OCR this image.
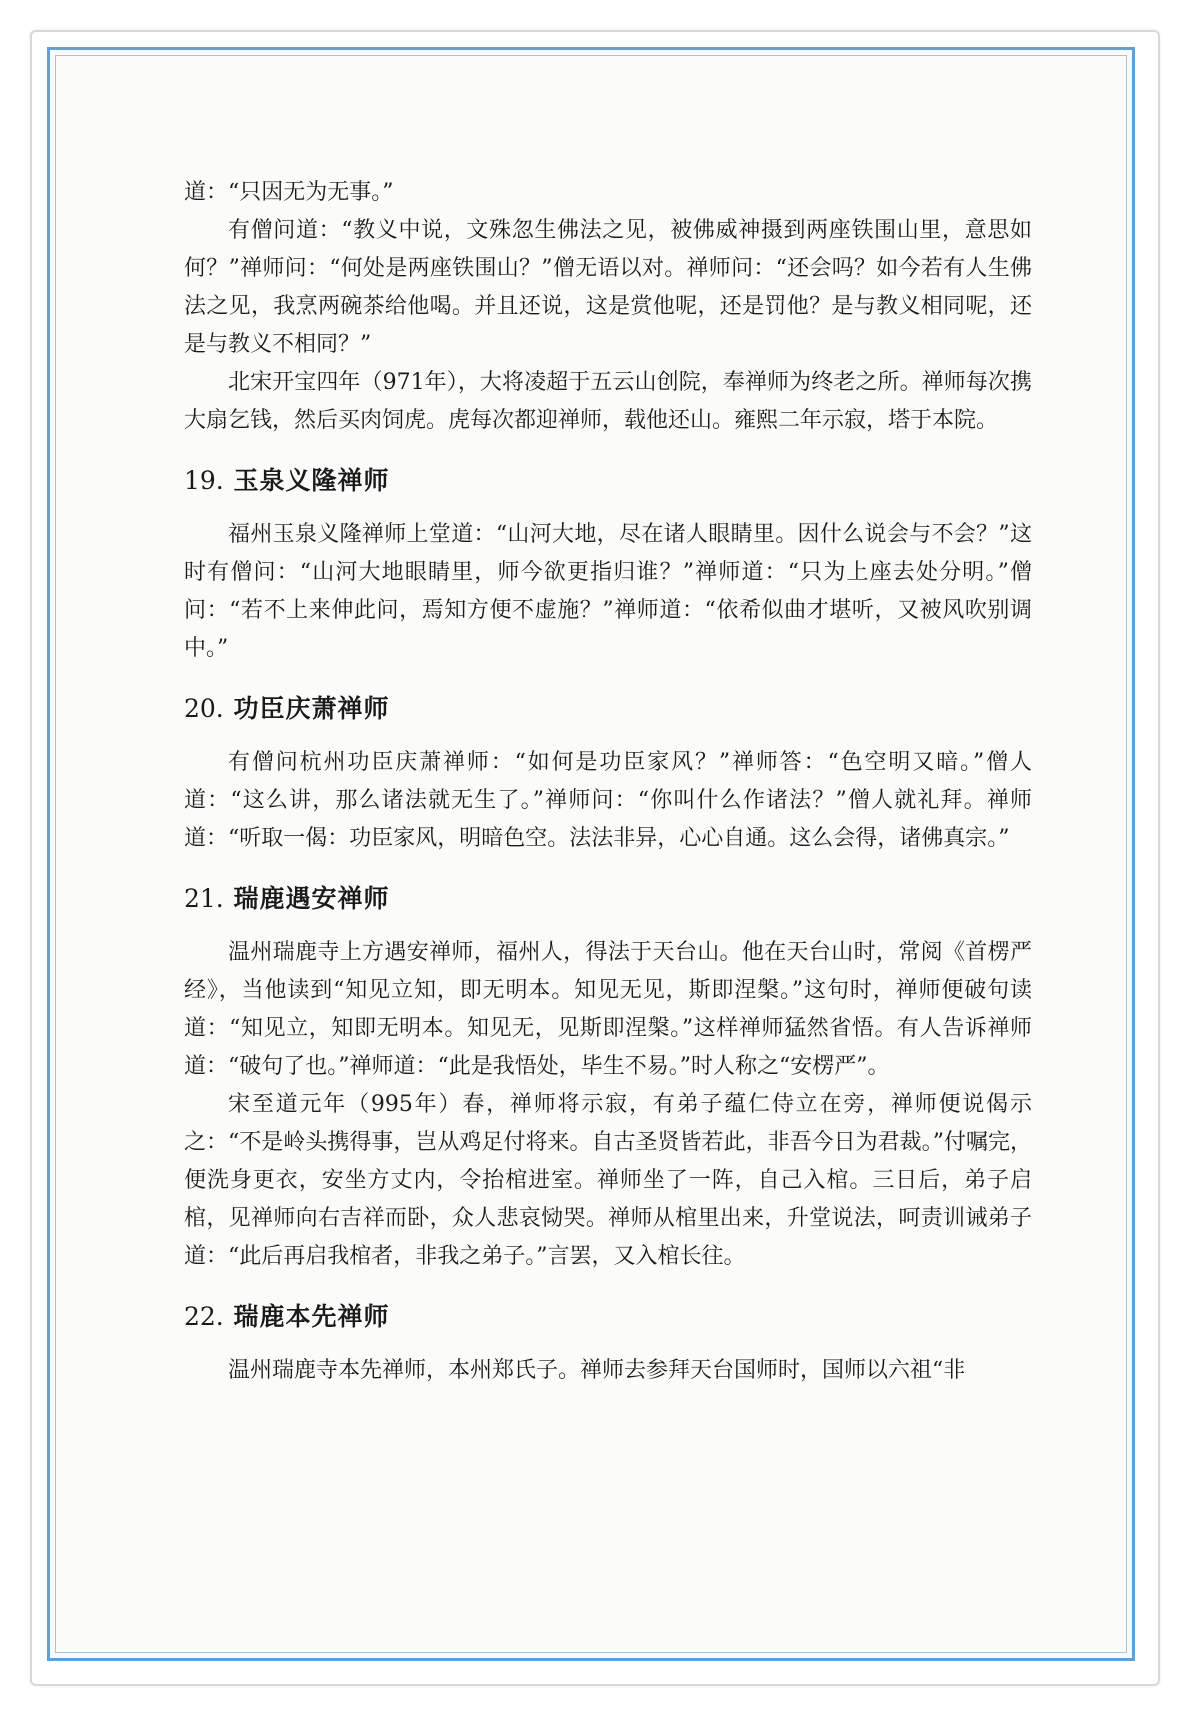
道：“只因无为无事。”

有僧问道：“教义中说，文殊忽生佛法之见，被佛威神摄到两座铁围山里，意思如何？”禅师问：“何处是两座铁围山？”僧无语以对。禅师问：“还会吗？如今若有人生佛法之见，我烹两碗茶给他喝。并且还说，这是赏他呢，还是罚他？是与教义相同呢，还是与教义不相同？”

北宋开宝四年（971年），大将凌超于五云山创院，奉禅师为终老之所。禅师每次携大扇乞钱，然后买肉饲虎。虎每次都迎禅师，载他还山。雍熙二年示寂，塔于本院。

19. 玉泉义隆禅师

福州玉泉义隆禅师上堂道：“山河大地，尽在诸人眼睛里。因什么说会与不会？”这时有僧问：“山河大地眼睛里，师今欲更指归谁？”禅师道：“只为上座去处分明。”僧问：“若不上来伸此问，焉知方便不虚施？”禅师道：“依希似曲才堪听，又被风吹别调中。”

20. 功臣庆萧禅师

有僧问杭州功臣庆萧禅师：“如何是功臣家风？”禅师答：“色空明又暗。”僧人道：“这么讲，那么诸法就无生了。”禅师问：“你叫什么作诸法？”僧人就礼拜。禅师道：“听取一偈：功臣家风，明暗色空。法法非异，心心自通。这么会得，诸佛真宗。”

21. 瑞鹿遇安禅师

温州瑞鹿寺上方遇安禅师，福州人，得法于天台山。他在天台山时，常阅《首楞严经》，当他读到“知见立知，即无明本。知见无见，斯即涅槃。”这句时，禅师便破句读道：“知见立，知即无明本。知见无，见斯即涅槃。”这样禅师猛然省悟。有人告诉禅师道：“破句了也。”禅师道：“此是我悟处，毕生不易。”时人称之“安楞严”。

宋至道元年（995年）春，禅师将示寂，有弟子蕴仁侍立在旁，禅师便说偈示之：“不是岭头携得事，岂从鸡足付将来。自古圣贤皆若此，非吾今日为君裁。”付嘱完，便洗身更衣，安坐方丈内，令抬棺进室。禅师坐了一阵，自己入棺。三日后，弟子启棺，见禅师向右吉祥而卧，众人悲哀恸哭。禅师从棺里出来，升堂说法，呵责训诫弟子道：“此后再启我棺者，非我之弟子。”言罢，又入棺长往。

22. 瑞鹿本先禅师

温州瑞鹿寺本先禅师，本州郑氏子。禅师去参拜天台国师时，国师以六祖“非
